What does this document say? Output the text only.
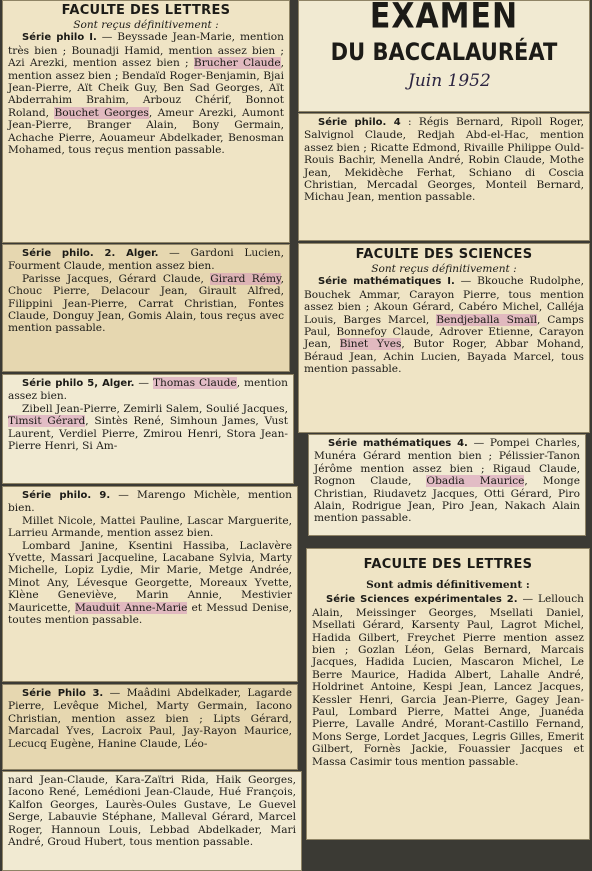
FACULTE DES LETTRES
Sont reçus définitivement :

Série philo I. — Beyssade Jean-Marie, mention très bien ; Bounadji Hamid, mention assez bien ; Azi Arezki, mention assez bien ; Brucher Claude, mention assez bien ; Bendaïd Roger-Benjamin, Bjai Jean-Pierre, Aït Cheik Guy, Ben Sad Georges, Aït Abderrahim Brahim, Arbouz Chérif, Bonnot Roland, Bouchet Georges, Ameur Arezki, Aumont Jean-Pierre, Branger Alain, Bony Germain, Achache Pierre, Aouameur Abdelkader, Benosman Mohamed, tous reçus mention passable.

Série philo. 2. Alger. — Gardoni Lucien, Fourment Claude, mention assez bien.

Parisse Jacques, Gérard Claude, Girard Rémy, Chouc Pierre, Delacour Jean, Girault Alfred, Filippini Jean-Pierre, Carrat Christian, Fontes Claude, Donguy Jean, Gomis Alain, tous reçus avec mention passable.

Série philo 5, Alger. — Thomas Claude, mention assez bien.

Zibell Jean-Pierre, Zemirli Salem, Soulié Jacques, Timsit Gérard, Sintès René, Simhoun James, Vust Laurent, Verdiel Pierre, Zmirou Henri, Stora Jean-Pierre Henri, Si Am-

Série philo. 9. — Marengo Michèle, mention bien.

Millet Nicole, Mattei Pauline, Lascar Marguerite, Larrieu Armande, mention assez bien.

Lombard Janine, Ksentini Hassiba, Laclavère Yvette, Massari Jacqueline, Lacabane Sylvia, Marty Michelle, Lopiz Lydie, Mir Marie, Metge Andrée, Minot Any, Lévesque Georgette, Moreaux Yvette, Klène Geneviève, Marin Annie, Mestivier Mauricette, Mauduit Anne-Marie et Messud Denise, toutes mention passable.

Série Philo 3. — Maâdini Abdelkader, Lagarde Pierre, Levêque Michel, Marty Germain, Iacono Christian, mention assez bien ; Lipts Gérard, Marcadal Yves, Lacroix Paul, Jay-Rayon Maurice, Lecucq Eugène, Hanine Claude, Léo-

nard Jean-Claude, Kara-Zaïtri Rida, Haik Georges, Iacono René, Lemédioni Jean-Claude, Hué François, Kalfon Georges, Laurès-Oules Gustave, Le Guevel Serge, Labauvie Stéphane, Malleval Gérard, Marcel Roger, Hannoun Louis, Lebbad Abdelkader, Mari André, Groud Hubert, tous mention passable.

EXAMEN
DU BACCALAURÉAT
Juin 1952

Série philo. 4 : Régis Bernard, Ripoll Roger, Salvignol Claude, Redjah Abd-el-Hac, mention assez bien ; Ricatte Edmond, Rivaille Philippe Ould-Rouis Bachir, Menella André, Robin Claude, Mothe Jean, Mekidèche Ferhat, Schiano di Coscia Christian, Mercadal Georges, Monteil Bernard, Michau Jean, mention passable.

FACULTE DES SCIENCES
Sont reçus définitivement :

Série mathématiques I. — Bkouche Rudolphe, Bouchek Ammar, Carayon Pierre, tous mention assez bien ; Akoun Gérard, Cabéro Michel, Calléja Louis, Barges Marcel, Bendjeballa Smaïl, Camps Paul, Bonnefoy Claude, Adrover Etienne, Carayon Jean, Binet Yves, Butor Roger, Abbar Mohand, Béraud Jean, Achin Lucien, Bayada Marcel, tous mention passable.

Série mathématiques 4. — Pompei Charles, Munéra Gérard mention bien ; Pélissier-Tanon Jérôme mention assez bien ; Rigaud Claude, Rognon Claude, Obadia Maurice, Monge Christian, Riudavetz Jacques, Otti Gérard, Piro Alain, Rodrigue Jean, Piro Jean, Nakach Alain mention passable.

FACULTE DES LETTRES
Sont admis définitivement :

Série Sciences expérimentales 2. — Lellouch Alain, Meissinger Georges, Msellati Daniel, Msellati Gérard, Karsenty Paul, Lagrot Michel, Hadida Gilbert, Freychet Pierre mention assez bien ; Gozlan Léon, Gelas Bernard, Marcais Jacques, Hadida Lucien, Mascaron Michel, Le Berre Maurice, Hadida Albert, Lahalle André, Holdrinet Antoine, Kespi Jean, Lancez Jacques, Kessler Henri, Garcia Jean-Pierre, Gagey Jean-Paul, Lombard Pierre, Mattei Ange, Juanéda Pierre, Lavalle André, Morant-Castillo Fernand, Mons Serge, Lordet Jacques, Legris Gilles, Emerit Gilbert, Fornès Jackie, Fouassier Jacques et Massa Casimir tous mention passable.
